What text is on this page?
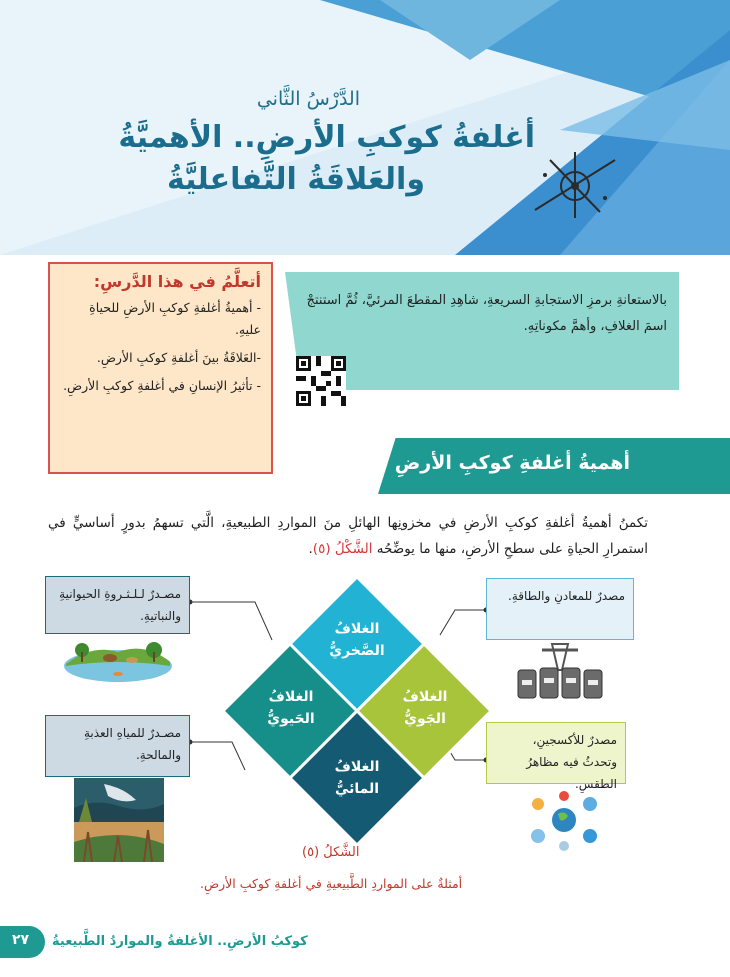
الدَّرْسُ الثَّاني
أغلفةُ كوكبِ الأرضِ.. الأهميَّةُ
والعَلاقَةُ التَّفاعليَّةُ
أتعلَّمُ في هذا الدَّرسِ:

- أهميةُ أغلفةِ كوكبِ الأرضِ للحياةِ عليهِ.

-العَلاقَةُ بينَ أغلفةِ كوكبِ الأرضِ.

- تأثيرُ الإنسانِ في أغلفةِ كوكبِ الأرضِ.

بالاستعانةِ برمزِ الاستجابةِ السريعةِ، شاهِدِ المقطعَ المرئيَّ، ثُمَّ استنتجْ اسمَ الغلافِ، وأهمَّ مكوناتِهِ.
أهميةُ أغلفةِ كوكبِ الأرضِ
تكمنُ أهميةُ أغلفةِ كوكبِ الأرضِ في مخزونِها الهائلِ منَ المواردِ الطبيعيةِ، الَّتي تسهمُ بدورٍ أساسيٍّ في استمرارِ الحياةِ على سطحِ الأرضِ، منها ما يوضِّحُه الشَّكْلُ (٥).
الغلافُ الصَّخريُّ
الغلافُ الجَويُّ
الغلافُ الحَيويُّ
الغلافُ المائيُّ
مصـدرٌ لـلـثـروةِ الحيوانيةِ والنباتيةِ.
مصـدرٌ للمياهِ العذبةِ والمالحةِ.
مصدرٌ للمعادنِ والطاقةِ.
مصدرٌ للأكسجينِ، وتحدثُ فيه مظاهرُ الطقسِ.
الشَّكلُ (٥)
أمثلةٌ على المواردِ الطَّبيعيةِ في أغلفةِ كوكبِ الأرضِ.
٢٧ كوكبُ الأرضِ.. الأغلفةُ والمواردُ الطَّبيعيةُ
